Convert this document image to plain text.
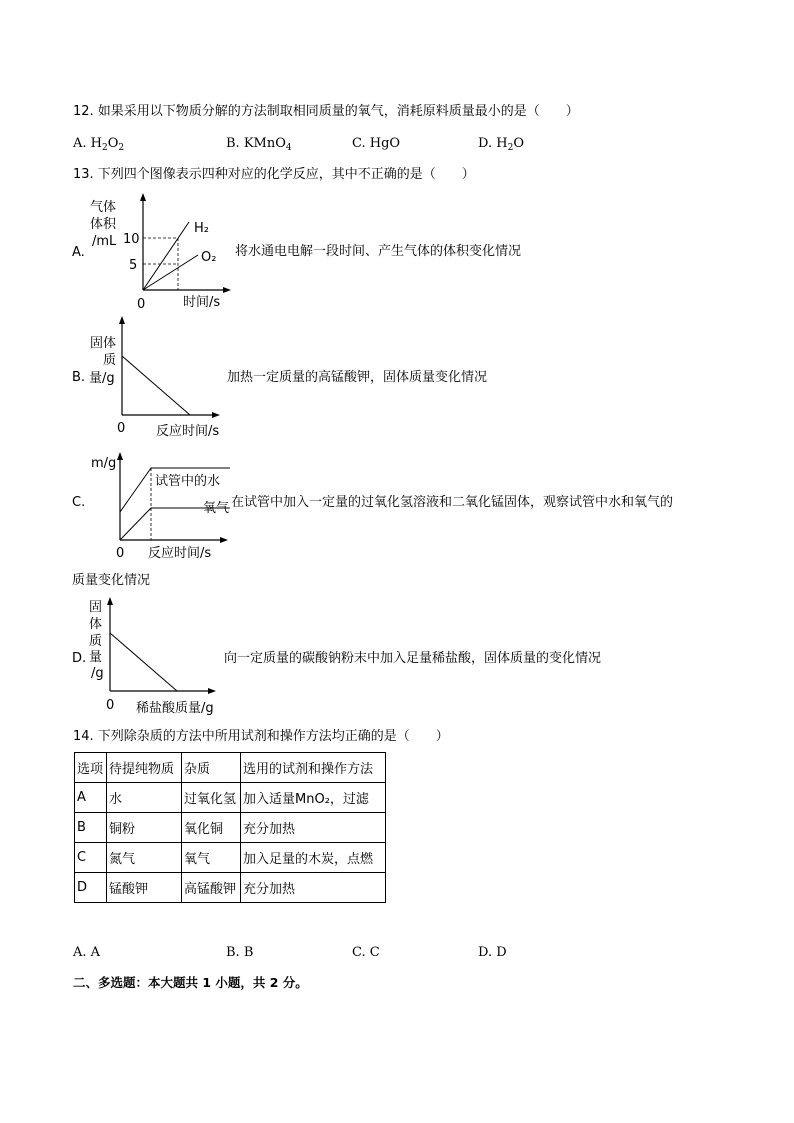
12. 如果采用以下物质分解的方法制取相同质量的氧气，消耗原料质量最小的是（　　）
A. $H_2O_2$	B. KMnO$_4$	C. HgO	D. $H_2O$
13. 下列四个图像表示四种对应的化学反应，其中不正确的是（　　）
A.
气体
体积
/mL 10
5
H₂
O₂
0	时间/s
将水通电电解一段时间、产生气体的体积变化情况
B.
固体
质
量/g
0 反应时间/s
加热一定质量的高锰酸钾，固体质量变化情况
C.
m/g
试管中的水
氧气
0 反应时间/s
在试管中加入一定量的过氧化氢溶液和二氧化锰固体，观察试管中水和氧气的
质量变化情况
D.
固
体
质
量
/g
0 稀盐酸质量/g
向一定质量的碳酸钠粉末中加入足量稀盐酸，固体质量的变化情况
14. 下列除杂质的方法中所用试剂和操作方法均正确的是（　　）
选项	待提纯物质	杂质	选用的试剂和操作方法
A	水	过氧化氢	加入适量MnO₂，过滤
B	铜粉	氧化铜	充分加热
C	氮气	氧气	加入足量的木炭，点燃
D	锰酸钾	高锰酸钾	充分加热
A. A	B. B	C. C	D. D
二、多选题：本大题共 1 小题，共 2 分。
